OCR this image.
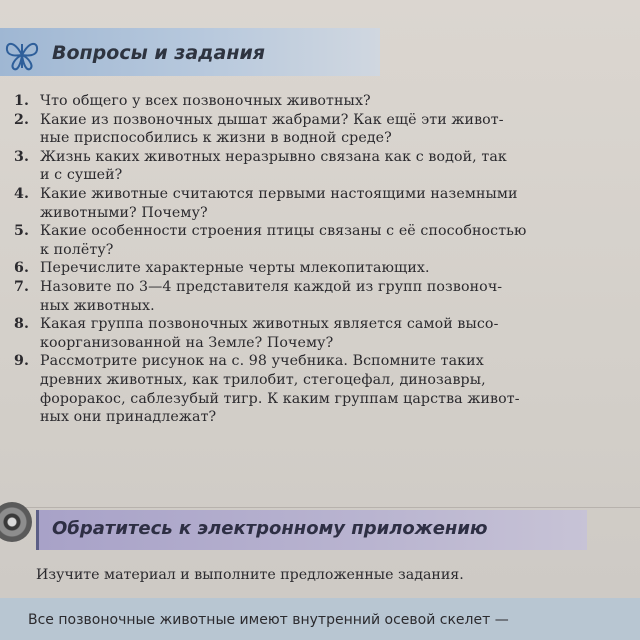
Вопросы и задания
1. Что общего у всех позвоночных животных?
2. Какие из позвоночных дышат жабрами? Как ещё эти живот-
ные приспособились к жизни в водной среде?
3. Жизнь каких животных неразрывно связана как с водой, так
и с сушей?
4. Какие животные считаются первыми настоящими наземными
животными? Почему?
5. Какие особенности строения птицы связаны с её способностью
к полёту?
6. Перечислите характерные черты млекопитающих.
7. Назовите по 3—4 представителя каждой из групп позвоноч-
ных животных.
8. Какая группа позвоночных животных является самой высо-
коорганизованной на Земле? Почему?
9. Рассмотрите рисунок на с. 98 учебника. Вспомните таких
древних животных, как трилобит, стегоцефал, динозавры,
фороракос, саблезубый тигр. К каким группам царства живот-
ных они принадлежат?
Обратитесь к электронному приложению
Изучите материал и выполните предложенные задания.
Все позвоночные животные имеют внутренний осевой скелет —
